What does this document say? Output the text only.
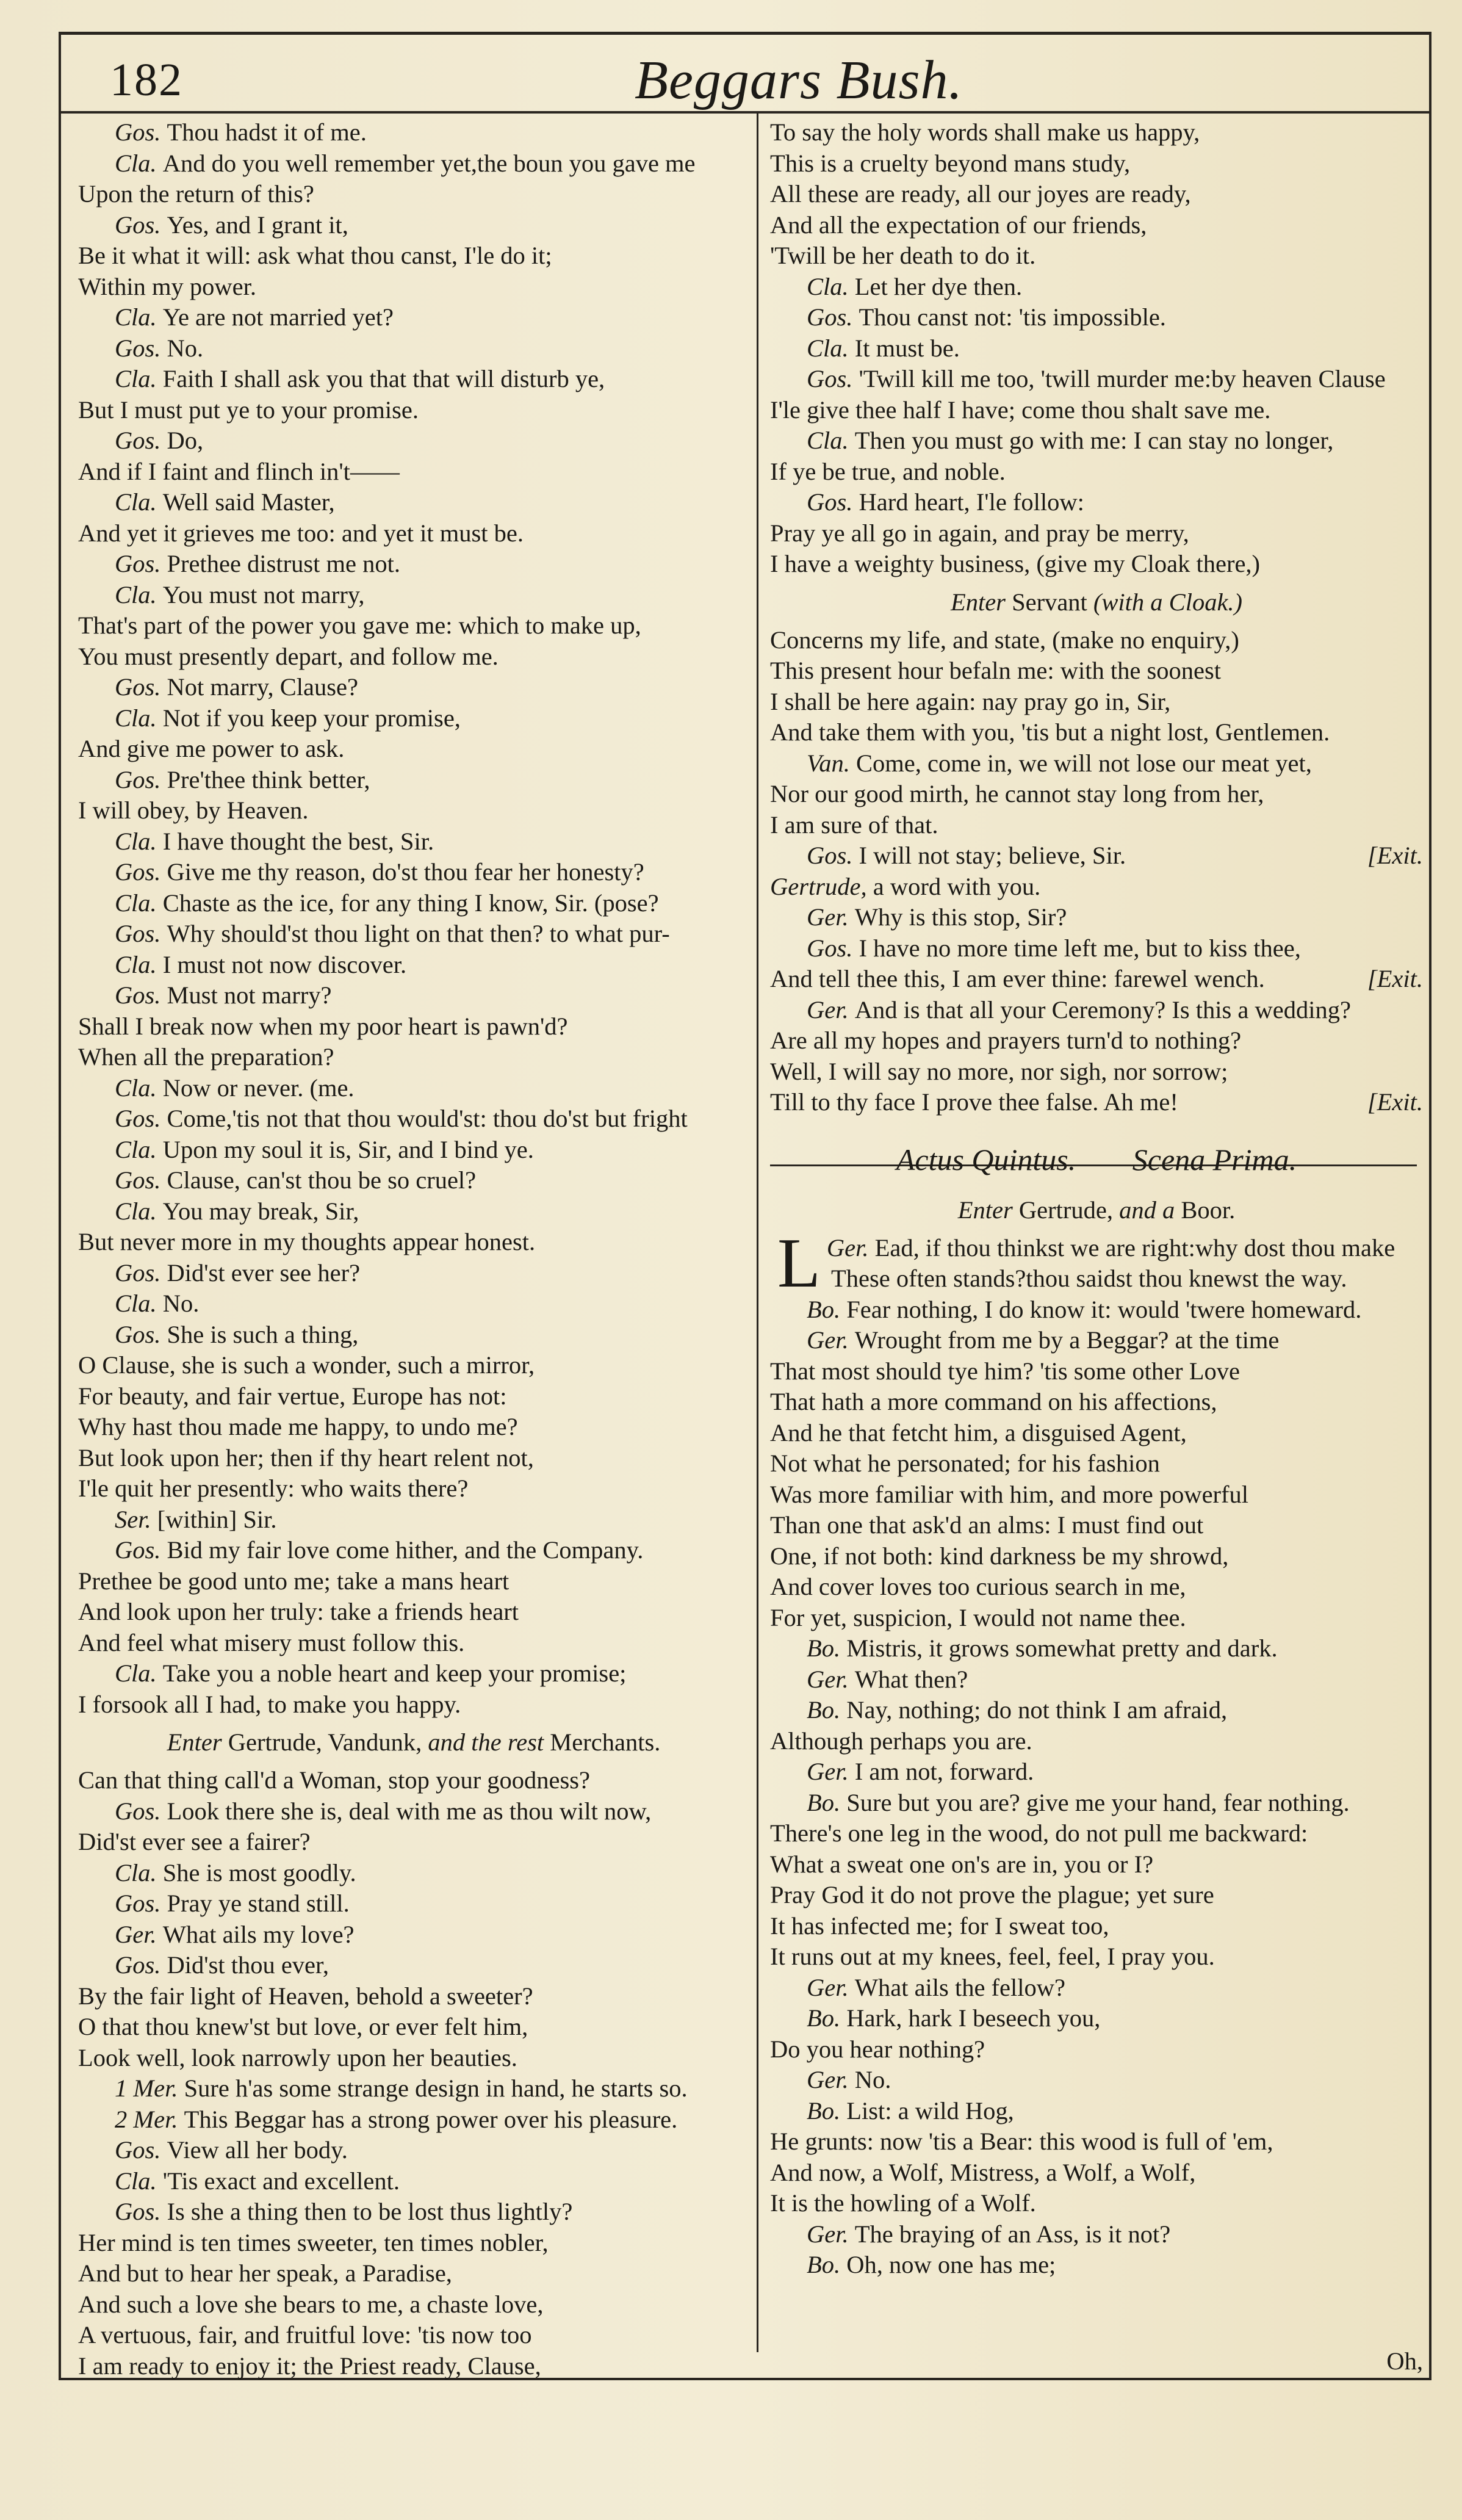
182	Beggars Bush.
Gos. Thou hadst it of me.
Cla. And do you well remember yet,the boun you gave me
Upon the return of this?
Gos. Yes, and I grant it,
Be it what it will: ask what thou canst, I'le do it;
Within my power.
Cla. Ye are not married yet?
Gos. No.
Cla. Faith I shall ask you that that will disturb ye,
But I must put ye to your promise.
Gos. Do,
And if I faint and flinch in't——
Cla. Well said Master,
And yet it grieves me too: and yet it must be.
Gos. Prethee distrust me not.
Cla. You must not marry,
That's part of the power you gave me: which to make up,
You must presently depart, and follow me.
Gos. Not marry, Clause?
Cla. Not if you keep your promise,
And give me power to ask.
Gos. Pre'thee think better,
I will obey, by Heaven.
Cla. I have thought the best, Sir.
Gos. Give me thy reason, do'st thou fear her honesty?
Cla. Chaste as the ice, for any thing I know, Sir. (pose?
Gos. Why should'st thou light on that then? to what pur-
Cla. I must not now discover.
Gos. Must not marry?
Shall I break now when my poor heart is pawn'd?
When all the preparation?
Cla. Now or never. (me.
Gos. Come,'tis not that thou would'st: thou do'st but fright
Cla. Upon my soul it is, Sir, and I bind ye.
Gos. Clause, can'st thou be so cruel?
Cla. You may break, Sir,
But never more in my thoughts appear honest.
Gos. Did'st ever see her?
Cla. No.
Gos. She is such a thing,
O Clause, she is such a wonder, such a mirror,
For beauty, and fair vertue, Europe has not:
Why hast thou made me happy, to undo me?
But look upon her; then if thy heart relent not,
I'le quit her presently: who waits there?
Ser. [within] Sir.
Gos. Bid my fair love come hither, and the Company.
Prethee be good unto me; take a mans heart
And look upon her truly: take a friends heart
And feel what misery must follow this.
Cla. Take you a noble heart and keep your promise;
I forsook all I had, to make you happy.
Enter Gertrude, Vandunk, and the rest Merchants.
Can that thing call'd a Woman, stop your goodness?
Gos. Look there she is, deal with me as thou wilt now,
Did'st ever see a fairer?
Cla. She is most goodly.
Gos. Pray ye stand still.
Ger. What ails my love?
Gos. Did'st thou ever,
By the fair light of Heaven, behold a sweeter?
O that thou knew'st but love, or ever felt him,
Look well, look narrowly upon her beauties.
1 Mer. Sure h'as some strange design in hand, he starts so.
2 Mer. This Beggar has a strong power over his pleasure.
Gos. View all her body.
Cla. 'Tis exact and excellent.
Gos. Is she a thing then to be lost thus lightly?
Her mind is ten times sweeter, ten times nobler,
And but to hear her speak, a Paradise,
And such a love she bears to me, a chaste love,
A vertuous, fair, and fruitful love: 'tis now too
I am ready to enjoy it; the Priest ready, Clause,
To say the holy words shall make us happy,
This is a cruelty beyond mans study,
All these are ready, all our joyes are ready,
And all the expectation of our friends,
'Twill be her death to do it.
Cla. Let her dye then.
Gos. Thou canst not: 'tis impossible.
Cla. It must be.
Gos. 'Twill kill me too, 'twill murder me:by heaven Clause
I'le give thee half I have; come thou shalt save me.
Cla. Then you must go with me: I can stay no longer,
If ye be true, and noble.
Gos. Hard heart, I'le follow:
Pray ye all go in again, and pray be merry,
I have a weighty business, (give my Cloak there,)
Enter Servant (with a Cloak.)
Concerns my life, and state, (make no enquiry,)
This present hour befaln me: with the soonest
I shall be here again: nay pray go in, Sir,
And take them with you, 'tis but a night lost, Gentlemen.
Van. Come, come in, we will not lose our meat yet,
Nor our good mirth, he cannot stay long from her,
I am sure of that.
Gos. I will not stay; believe, Sir.	[Exit.
Gertrude, a word with you.
Ger. Why is this stop, Sir?
Gos. I have no more time left me, but to kiss thee,
And tell thee this, I am ever thine: farewel wench.	[Exit.
Ger. And is that all your Ceremony? Is this a wedding?
Are all my hopes and prayers turn'd to nothing?
Well, I will say no more, nor sigh, nor sorrow;
Till to thy face I prove thee false. Ah me!	[Exit.
Actus Quintus. Scena Prima.
Enter Gertrude, and a Boor.
Ger.
L Ead, if thou thinkst we are right:why dost thou make
These often stands?thou saidst thou knewst the way.
Bo. Fear nothing, I do know it: would 'twere homeward.
Ger. Wrought from me by a Beggar? at the time
That most should tye him? 'tis some other Love
That hath a more command on his affections,
And he that fetcht him, a disguised Agent,
Not what he personated; for his fashion
Was more familiar with him, and more powerful
Than one that ask'd an alms: I must find out
One, if not both: kind darkness be my shrowd,
And cover loves too curious search in me,
For yet, suspicion, I would not name thee.
Bo. Mistris, it grows somewhat pretty and dark.
Ger. What then?
Bo. Nay, nothing; do not think I am afraid,
Although perhaps you are.
Ger. I am not, forward.
Bo. Sure but you are? give me your hand, fear nothing.
There's one leg in the wood, do not pull me backward:
What a sweat one on's are in, you or I?
Pray God it do not prove the plague; yet sure
It has infected me; for I sweat too,
It runs out at my knees, feel, feel, I pray you.
Ger. What ails the fellow?
Bo. Hark, hark I beseech you,
Do you hear nothing?
Ger. No.
Bo. List: a wild Hog,
He grunts: now 'tis a Bear: this wood is full of 'em,
And now, a Wolf, Mistress, a Wolf, a Wolf,
It is the howling of a Wolf.
Ger. The braying of an Ass, is it not?
Bo. Oh, now one has me;
Oh,
